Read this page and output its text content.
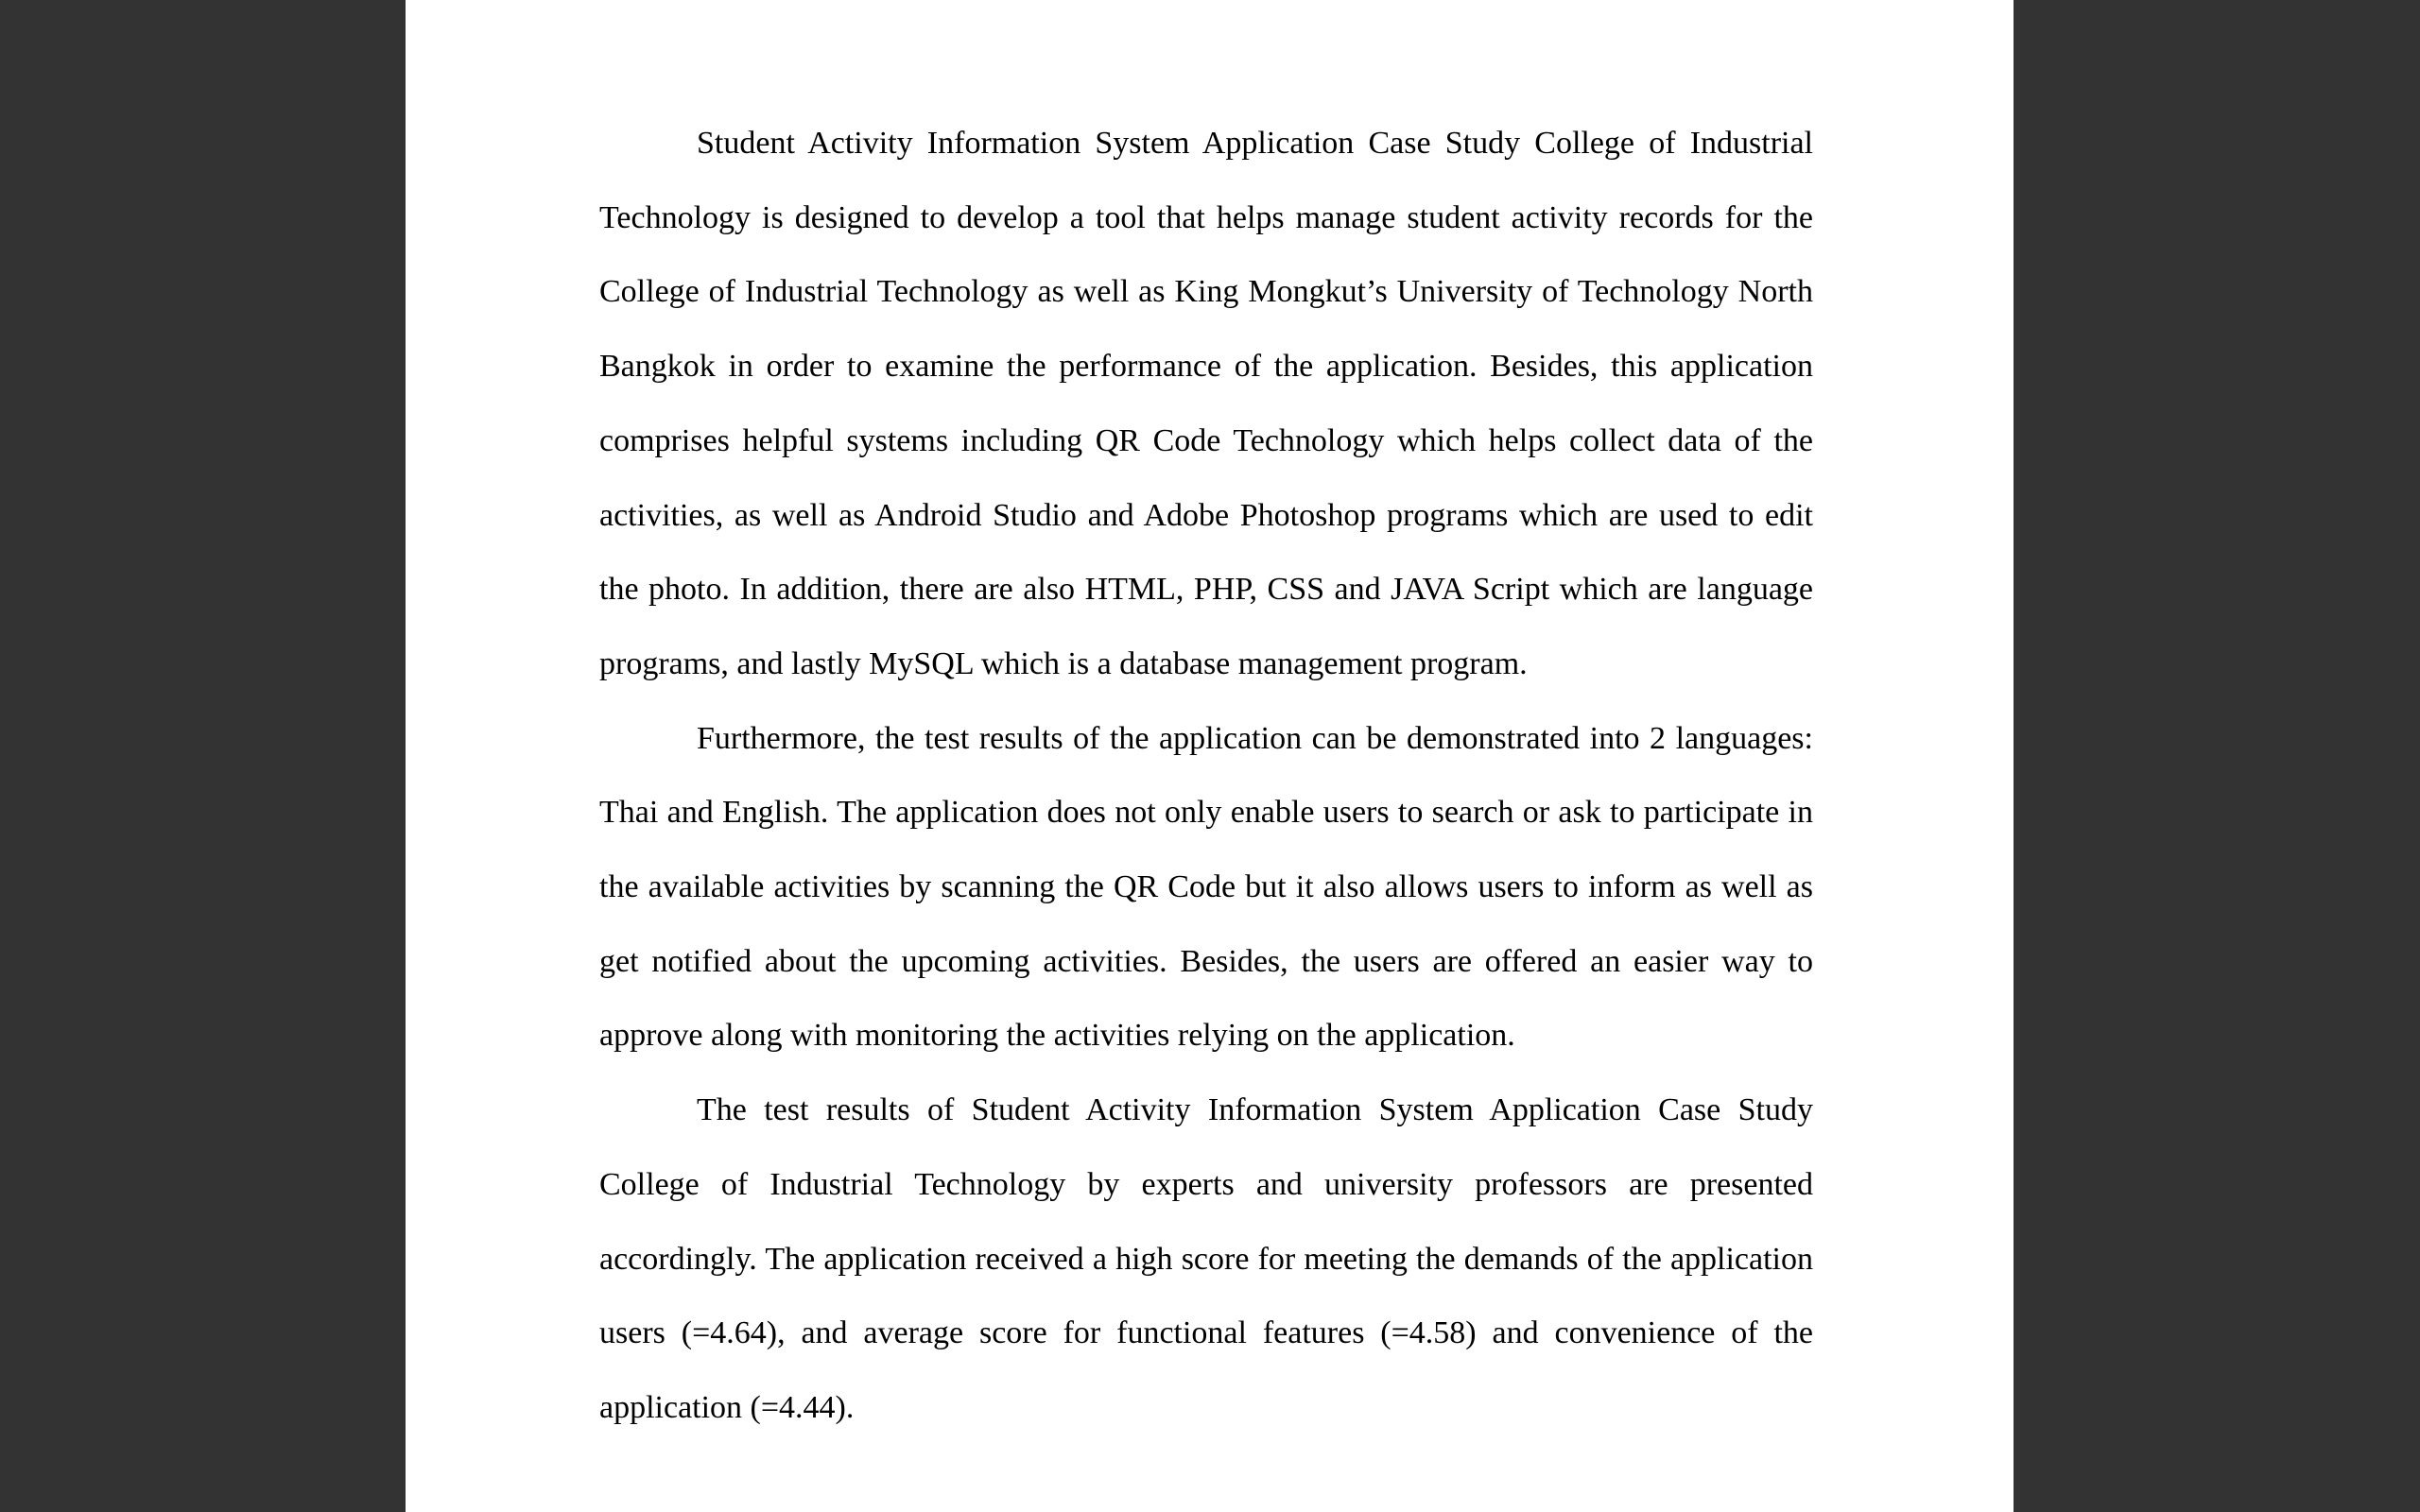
Student Activity Information System Application Case Study College of Industrial Technology is designed to develop a tool that helps manage student activity records for the College of Industrial Technology as well as King Mongkut’s University of Technology North Bangkok in order to examine the performance of the application. Besides, this application comprises helpful systems including QR Code Technology which helps collect data of the activities, as well as Android Studio and Adobe Photoshop programs which are used to edit the photo. In addition, there are also HTML, PHP, CSS and JAVA Script which are language programs, and lastly MySQL which is a database management program.

Furthermore, the test results of the application can be demonstrated into 2 languages: Thai and English. The application does not only enable users to search or ask to participate in the available activities by scanning the QR Code but it also allows users to inform as well as get notified about the upcoming activities. Besides, the users are offered an easier way to approve along with monitoring the activities relying on the application.

The test results of Student Activity Information System Application Case Study College of Industrial Technology by experts and university professors are presented accordingly. The application received a high score for meeting the demands of the application users (=4.64), and average score for functional features (=4.58) and convenience of the application (=4.44).
